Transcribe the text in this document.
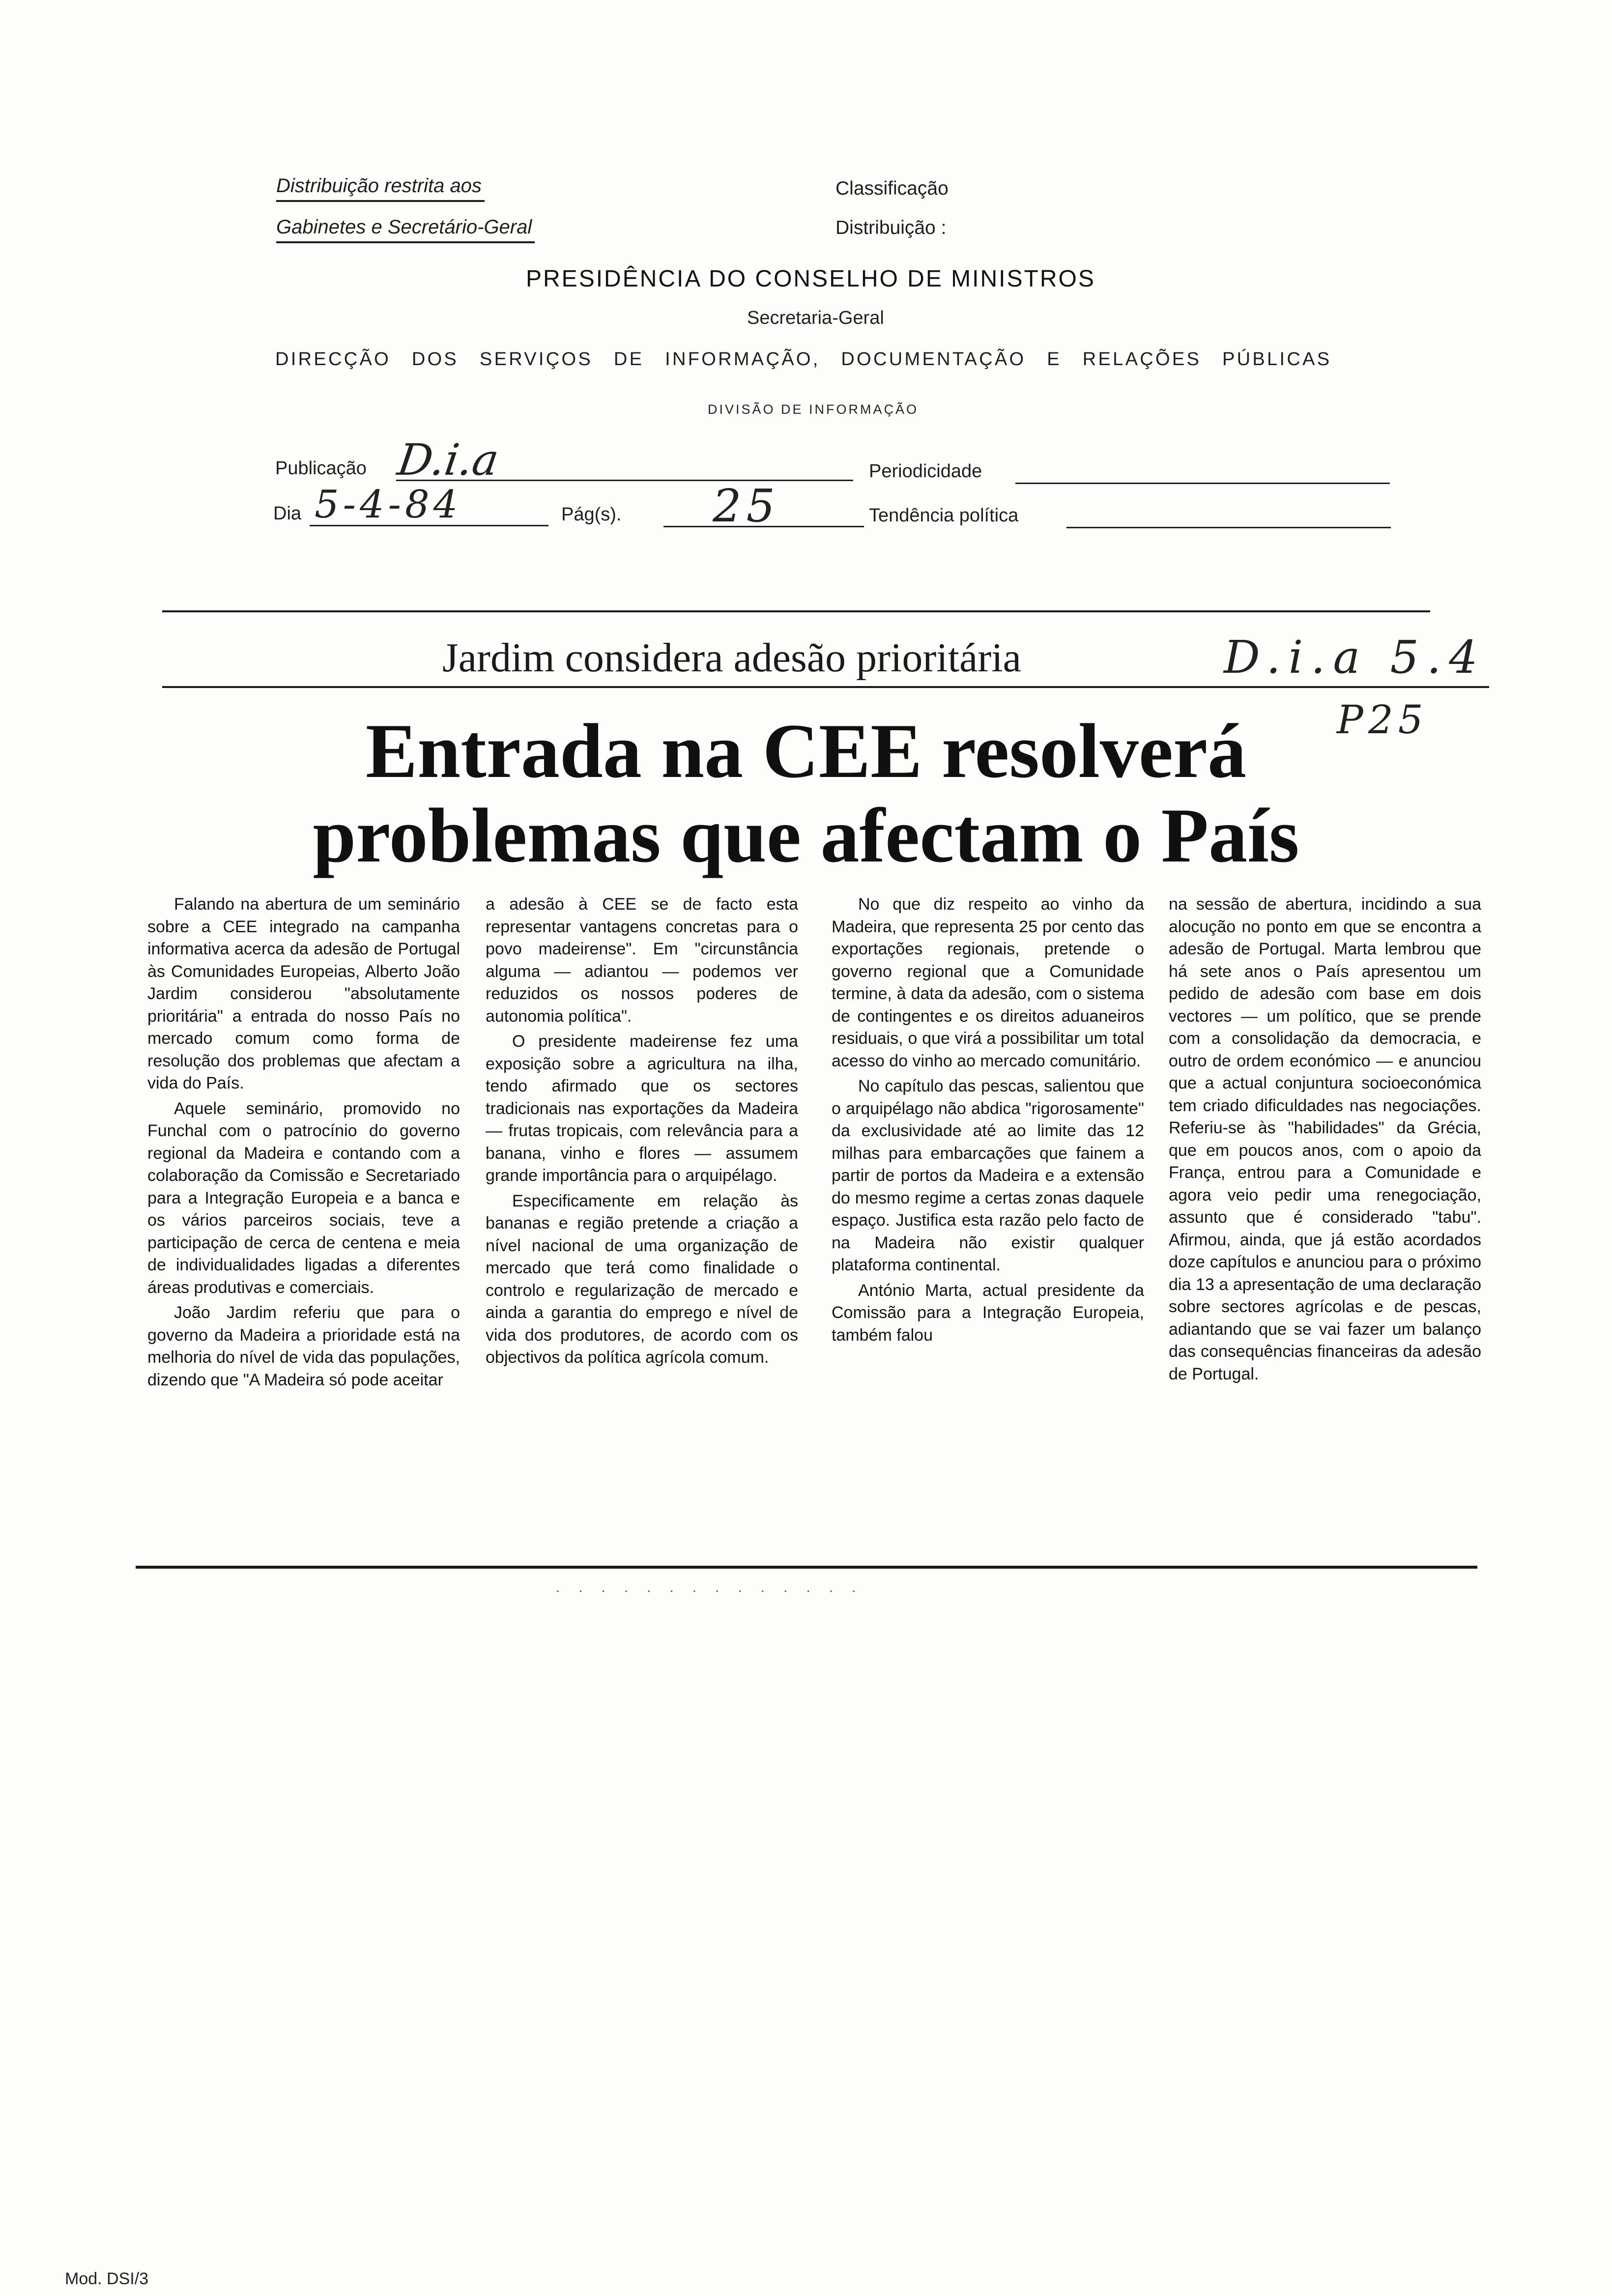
Distribuição restrita aos
Gabinetes e Secretário-Geral
Classificação
Distribuição :
PRESIDÊNCIA DO CONSELHO DE MINISTROS
Secretaria-Geral
DIRECÇÃO DOS SERVIÇOS DE INFORMAÇÃO, DOCUMENTAÇÃO E RELAÇÕES PÚBLICAS
DIVISÃO DE INFORMAÇÃO
Publicação D.i.a	Periodicidade
Dia 5-4-84	Pág(s). 25	Tendência política
Jardim considera adesão prioritária	D.i.a 5.4
P25
Entrada na CEE resolverá
problemas que afectam o País

Falando na abertura de um seminário sobre a CEE integrado na campanha informativa acerca da adesão de Portugal às Comunidades Europeias, Alberto João Jardim considerou "absolutamente prioritária" a entrada do nosso País no mercado comum como forma de resolução dos problemas que afectam a vida do País.

Aquele seminário, promovido no Funchal com o patrocínio do governo regional da Madeira e contando com a colaboração da Comissão e Secretariado para a Integração Europeia e a banca e os vários parceiros sociais, teve a participação de cerca de centena e meia de individualidades ligadas a diferentes áreas produtivas e comerciais.

João Jardim referiu que para o governo da Madeira a prioridade está na melhoria do nível de vida das populações, dizendo que "A Madeira só pode aceitar

a adesão à CEE se de facto esta representar vantagens concretas para o povo madeirense". Em "circunstância alguma — adiantou — podemos ver reduzidos os nossos poderes de autonomia política".

O presidente madeirense fez uma exposição sobre a agricultura na ilha, tendo afirmado que os sectores tradicionais nas exportações da Madeira — frutas tropicais, com relevância para a banana, vinho e flores — assumem grande importância para o arquipélago.

Especificamente em relação às bananas e região pretende a criação a nível nacional de uma organização de mercado que terá como finalidade o controlo e regularização de mercado e ainda a garantia do emprego e nível de vida dos produtores, de acordo com os objectivos da política agrícola comum.

No que diz respeito ao vinho da Madeira, que representa 25 por cento das exportações regionais, pretende o governo regional que a Comunidade termine, à data da adesão, com o sistema de contingentes e os direitos aduaneiros residuais, o que virá a possibilitar um total acesso do vinho ao mercado comunitário.

No capítulo das pescas, salientou que o arquipélago não abdica "rigorosamente" da exclusividade até ao limite das 12 milhas para embarcações que fainem a partir de portos da Madeira e a extensão do mesmo regime a certas zonas daquele espaço. Justifica esta razão pelo facto de na Madeira não existir qualquer plataforma continental.

António Marta, actual presidente da Comissão para a Integração Europeia, também falou

na sessão de abertura, incidindo a sua alocução no ponto em que se encontra a adesão de Portugal. Marta lembrou que há sete anos o País apresentou um pedido de adesão com base em dois vectores — um político, que se prende com a consolidação da democracia, e outro de ordem económico — e anunciou que a actual conjuntura socioeconómica tem criado dificuldades nas negociações. Referiu-se às "habilidades" da Grécia, que em poucos anos, com o apoio da França, entrou para a Comunidade e agora veio pedir uma renegociação, assunto que é considerado "tabu". Afirmou, ainda, que já estão acordados doze capítulos e anunciou para o próximo dia 13 a apresentação de uma declaração sobre sectores agrícolas e de pescas, adiantando que se vai fazer um balanço das consequências financeiras da adesão de Portugal.

· · · · · · · · · · · · · ·
Mod. DSI/3
